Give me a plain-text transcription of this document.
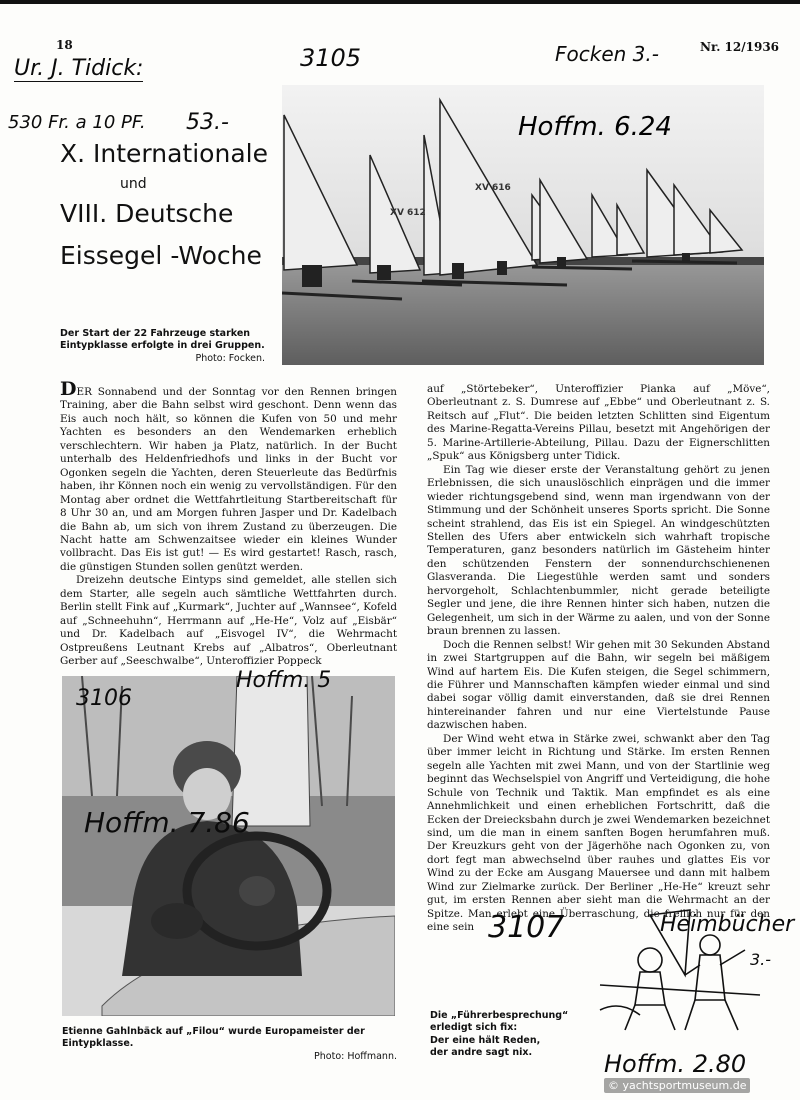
18	Nr. 12/1936
Ur. J. Tidick:
530 Fr. a 10 PF. 53.-
3105	Focken 3.-
X. Internationale
und
VIII. Deutsche
Eissegel -Woche
XV 612
XV 616
Hoffm. 6.24
Der Start der 22 Fahrzeuge starken Eintypklasse erfolgte in drei Gruppen.
Photo: Focken.

DER Sonnabend und der Sonntag vor den Rennen bringen Training, aber die Bahn selbst wird geschont. Denn wenn das Eis auch noch hält, so können die Kufen von 50 und mehr Yachten es besonders an den Wendemarken erheblich verschlechtern. Wir haben ja Platz, natürlich. In der Bucht unterhalb des Heldenfriedhofs und links in der Bucht vor Ogonken segeln die Yachten, deren Steuerleute das Bedürfnis haben, ihr Können noch ein wenig zu vervollständigen. Für den Montag aber ordnet die Wettfahrtleitung Startbereitschaft für 8 Uhr 30 an, und am Morgen fuhren Jasper und Dr. Kadelbach die Bahn ab, um sich von ihrem Zustand zu überzeugen. Die Nacht hatte am Schwenzaitsee wieder ein kleines Wunder vollbracht. Das Eis ist gut! — Es wird gestartet! Rasch, rasch, die günstigen Stunden sollen genützt werden.

Dreizehn deutsche Eintyps sind gemeldet, alle stellen sich dem Starter, alle segeln auch sämtliche Wettfahrten durch. Berlin stellt Fink auf „Kurmark“, Juchter auf „Wannsee“, Kofeld auf „Schneehuhn“, Herrmann auf „He-He“, Volz auf „Eisbär“ und Dr. Kadelbach auf „Eisvogel IV“, die Wehrmacht Ostpreußens Leutnant Krebs auf „Albatros“, Oberleutnant Gerber auf „Seeschwalbe“, Unteroffizier Poppeck

auf „Störtebeker“, Unteroffizier Pianka auf „Möve“, Oberleutnant z. S. Dumrese auf „Ebbe“ und Oberleutnant z. S. Reitsch auf „Flut“. Die beiden letzten Schlitten sind Eigentum des Marine-Regatta-Vereins Pillau, besetzt mit Angehörigen der 5. Marine-Artillerie-Abteilung, Pillau. Dazu der Eignerschlitten „Spuk“ aus Königsberg unter Tidick.

Ein Tag wie dieser erste der Veranstaltung gehört zu jenen Erlebnissen, die sich unauslöschlich einprägen und die immer wieder richtungsgebend sind, wenn man irgendwann von der Stimmung und der Schönheit unseres Sports spricht. Die Sonne scheint strahlend, das Eis ist ein Spiegel. An windgeschützten Stellen des Ufers aber entwickeln sich wahrhaft tropische Temperaturen, ganz besonders natürlich im Gästeheim hinter den schützenden Fenstern der sonnendurchschienenen Glasveranda. Die Liegestühle werden samt und sonders hervorgeholt, Schlachtenbummler, nicht gerade beteiligte Segler und jene, die ihre Rennen hinter sich haben, nutzen die Gelegenheit, um sich in der Wärme zu aalen, und von der Sonne braun brennen zu lassen.

Doch die Rennen selbst! Wir gehen mit 30 Sekunden Abstand in zwei Startgruppen auf die Bahn, wir segeln bei mäßigem Wind auf hartem Eis. Die Kufen steigen, die Segel schimmern, die Führer und Mannschaften kämpfen wieder einmal und sind dabei sogar völlig damit einverstanden, daß sie drei Rennen hintereinander fahren und nur eine Viertelstunde Pause dazwischen haben.

Der Wind weht etwa in Stärke zwei, schwankt aber den Tag über immer leicht in Richtung und Stärke. Im ersten Rennen segeln alle Yachten mit zwei Mann, und von der Startlinie weg beginnt das Wechselspiel von Angriff und Verteidigung, die hohe Schule von Technik und Taktik. Man empfindet es als eine Annehmlichkeit und einen erheblichen Fortschritt, daß die Ecken der Dreiecksbahn durch je zwei Wendemarken bezeichnet sind, um die man in einem sanften Bogen herumfahren muß. Der Kreuzkurs geht von der Jägerhöhe nach Ogonken zu, von dort fegt man abwechselnd über rauhes und glattes Eis vor Wind zu der Ecke am Ausgang Mauersee und dann mit halbem Wind zur Zielmarke zurück. Der Berliner „He-He“ kreuzt sehr gut, im ersten Rennen aber sieht man die Wehrmacht an der Spitze. Man erlebt eine Überraschung, die freilich nur für den eine sein

3106
Hoffm. 5
Hoffm. 7.86
Etienne Gahlnbäck auf „Filou“ wurde Europameister der Eintypklasse.
Photo: Hoffmann.
3107	Heimbücher
3.-
Die „Führerbesprechung“
erledigt sich fix:
Der eine hält Reden,
der andre sagt nix.	Hoffm. 2.80
© yachtsportmuseum.de
